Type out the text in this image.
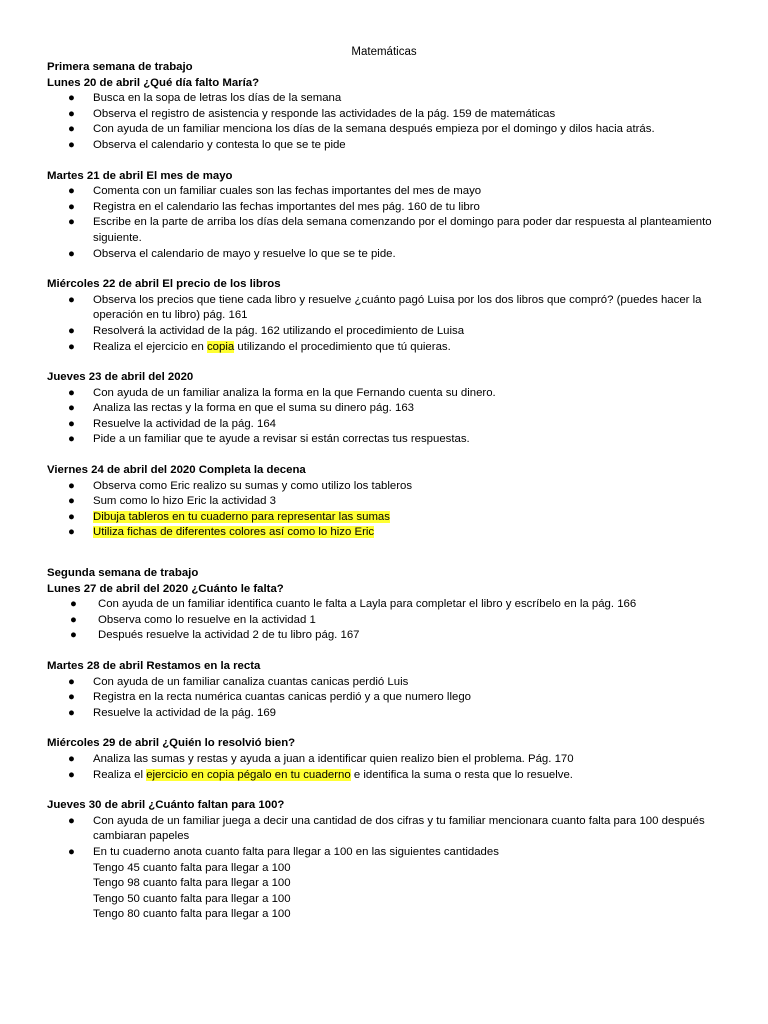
Matemáticas
Primera semana de trabajo
Lunes 20 de abril ¿Qué día falto María?
● Busca en la sopa de letras los días de la semana
● Observa el registro de asistencia y responde las actividades de la pág. 159 de matemáticas
● Con ayuda de un familiar menciona los días de la semana después empieza por el domingo y dilos hacia atrás.
● Observa el calendario y contesta lo que se te pide
Martes 21 de abril El mes de mayo
● Comenta con un familiar cuales son las fechas importantes del mes de mayo
● Registra en el calendario las fechas importantes del mes pág. 160 de tu libro
● Escribe en la parte de arriba los días dela semana comenzando por el domingo para poder dar respuesta al planteamiento siguiente.
● Observa el calendario de mayo y resuelve lo que se te pide.
Miércoles 22 de abril El precio de los libros
● Observa los precios que tiene cada libro y resuelve ¿cuánto pagó Luisa por los dos libros que compró? (puedes hacer la operación en tu libro) pág. 161
● Resolverá la actividad de la pág. 162 utilizando el procedimiento de Luisa
● Realiza el ejercicio en copia utilizando el procedimiento que tú quieras.
Jueves 23 de abril del 2020
● Con ayuda de un familiar analiza la forma en la que Fernando cuenta su dinero.
● Analiza las rectas y la forma en que el suma su dinero pág. 163
● Resuelve la actividad de la pág. 164
● Pide a un familiar que te ayude a revisar si están correctas tus respuestas.
Viernes 24 de abril del 2020 Completa la decena
● Observa como Eric realizo su sumas y como utilizo los tableros
● Sum como lo hizo Eric la actividad 3
● Dibuja tableros en tu cuaderno para representar las sumas
● Utiliza fichas de diferentes colores así como lo hizo Eric
Segunda semana de trabajo
Lunes 27 de abril del 2020 ¿Cuánto le falta?
● Con ayuda de un familiar identifica cuanto le falta a Layla para completar el libro y escríbelo en la pág. 166
● Observa como lo resuelve en la actividad 1
● Después resuelve la actividad 2 de tu libro pág. 167
Martes 28 de abril Restamos en la recta
● Con ayuda de un familiar canaliza cuantas canicas perdió Luis
● Registra en la recta numérica cuantas canicas perdió y a que numero llego
● Resuelve la actividad de la pág. 169
Miércoles 29 de abril ¿Quién lo resolvió bien?
● Analiza las sumas y restas y ayuda a juan a identificar quien realizo bien el problema. Pág. 170
● Realiza el ejercicio en copia pégalo en tu cuaderno e identifica la suma o resta que lo resuelve.
Jueves 30 de abril ¿Cuánto faltan para 100?
● Con ayuda de un familiar juega a decir una cantidad de dos cifras y tu familiar mencionara cuanto falta para 100 después cambiaran papeles
● En tu cuaderno anota cuanto falta para llegar a 100 en las siguientes cantidades
Tengo 45 cuanto falta para llegar a 100
Tengo 98 cuanto falta para llegar a 100
Tengo 50 cuanto falta para llegar a 100
Tengo 80 cuanto falta para llegar a 100
